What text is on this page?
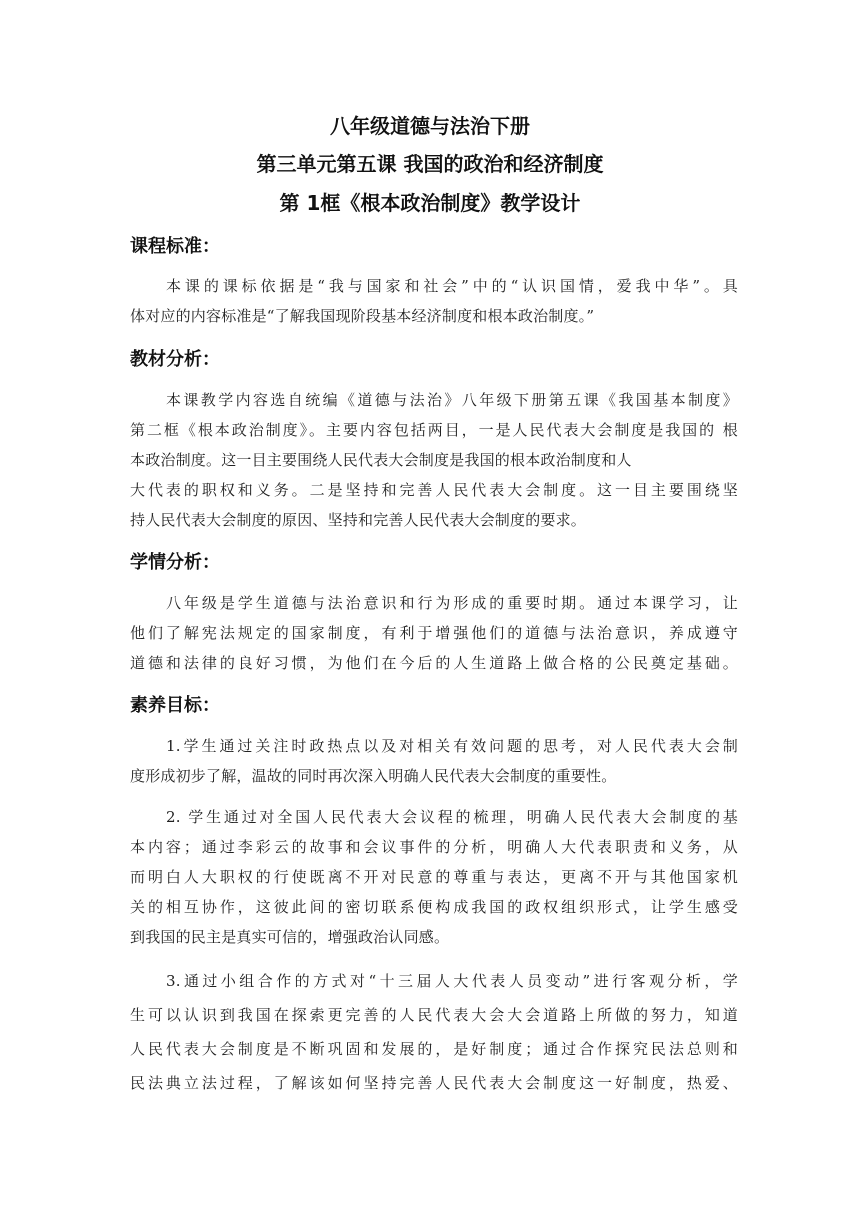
八年级道德与法治下册
第三单元第五课 我国的政治和经济制度
第 1框《根本政治制度》教学设计
课程标准：
本课的课标依据是“我与国家和社会”中的“认识国情，爱我中华”。具
体对应的内容标准是“了解我国现阶段基本经济制度和根本政治制度。”
教材分析：
本课教学内容选自统编《道德与法治》八年级下册第五课《我国基本制度》
第二框《根本政治制度》。主要内容包括两目，一是人民代表大会制度是我国的 根
本政治制度。这一目主要围绕人民代表大会制度是我国的根本政治制度和人
大代表的职权和义务。二是坚持和完善人民代表大会制度。这一目主要围绕坚
持人民代表大会制度的原因、坚持和完善人民代表大会制度的要求。
学情分析：
八年级是学生道德与法治意识和行为形成的重要时期。通过本课学习，让
他们了解宪法规定的国家制度，有利于增强他们的道德与法治意识，养成遵守
道德和法律的良好习惯，为他们在今后的人生道路上做合格的公民奠定基础。
素养目标：
1.学生通过关注时政热点以及对相关有效问题的思考，对人民代表大会制
度形成初步了解，温故的同时再次深入明确人民代表大会制度的重要性。
2. 学生通过对全国人民代表大会议程的梳理，明确人民代表大会制度的基
本内容；通过李彩云的故事和会议事件的分析，明确人大代表职责和义务，从
而明白人大职权的行使既离不开对民意的尊重与表达，更离不开与其他国家机
关的相互协作，这彼此间的密切联系便构成我国的政权组织形式，让学生感受
到我国的民主是真实可信的，增强政治认同感。
3.通过小组合作的方式对“十三届人大代表人员变动”进行客观分析，学
生可以认识到我国在探索更完善的人民代表大会大会道路上所做的努力，知道
人民代表大会制度是不断巩固和发展的，是好制度；通过合作探究民法总则和
民法典立法过程，了解该如何坚持完善人民代表大会制度这一好制度，热爱、
